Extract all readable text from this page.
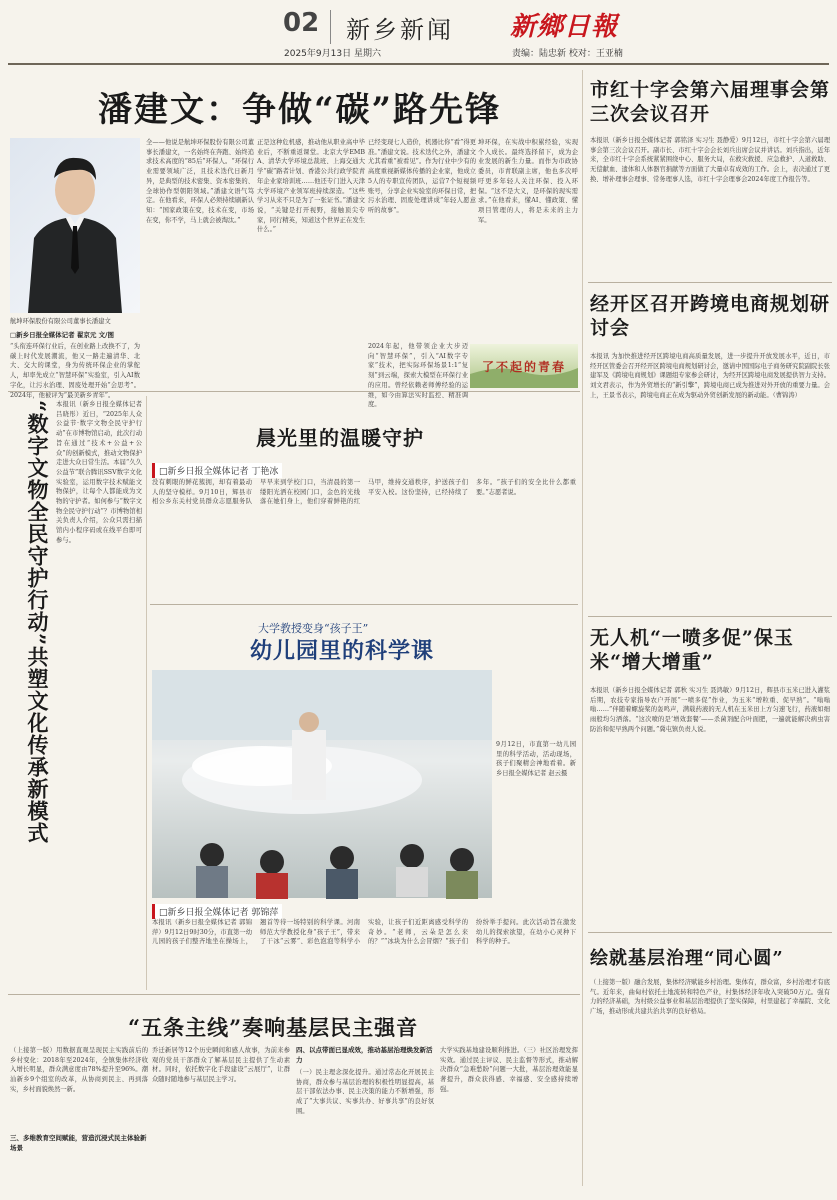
02 新乡新闻
2025年9月13日 星期六
新鄉日報
责编：陆忠新 校对：王亚楠
潘建文：争做“碳”路先锋
航坤环保股份有限公司董事长潘建文
□新乡日报全媒体记者 翟京元 文/图
“头衔连环保行业后，在创业路上改换不了，为碳上时代发展潮流，他又一路走遍清华、北大、交大的课堂，身为传统环保企业的掌舵人，却率先成立“智慧环保”实验室，引入AI数字化，让污水治理、固废处理开始“会思考”。2024年，他被评为“最美新乡青年”。
全——他说是航坤环保股份有限公司董事长潘建文，一名始终在奔跑、始终追求技术高度的“85后”环保人。“环保行业需要领域广泛，且技术迭代日新月异，是典型的技术密集、资本密集的、全球协作型朝阳领域。”潘建文语气笃定。在他看来，环保人必须持续刷新认知：“国家政策在变，技术在变，市场在变，你不学，马上就会被淘汰。”
正是这种危机感，推动他从职业高中毕业后，不断重返课堂。北京大学EMBA、清华大学环境总裁班、上海交通大学“碳”路者计划、香港公共行政学院青年企业家培训班……他还专门进入天津大学环境产业领军班持续深造。“这些学习从来不只是为了一张证书。”潘建文说，“关键是打开视野，接触顶尖专家，同行精英，知道这个世界正在发生什么。”
已经变现七人造价，机器比你“看”得更准。”潘建文说。技术迭代之外，潘建文尤其看重“被看见”。作为行业中少有的高度重视新媒体传播的企业家，他成立5人的专职宣传团队，运营7个短视频账号，分享企业实验室的环保日常，把污水治理、固废处理讲成“年轻人愿意听的故事”。
坤环保，在实战中积累经验，实现个人成长。最终选择留下，成为企业发展的新生力量。而作为市政协委员，市青联副主席，他也多次呼吁更多年轻人关注环保、投入环保。“这不是大义，是环保的现实需求。”在他看来，懂AI、懂政策、懂项目管理的人，将是未来的主力军。
2024年起，他带领企业大步迈向“智慧环保”，引入“AI数字专家”技术，把实际环保场景1:1“复刻”到云端，探索大模型在环保行业的应用。曾经依赖老师傅经验的运维，如今由算法实时监控、精准调度。
了不起的青春
市红十字会第六届理事会第三次会议召开
本报讯（新乡日报全媒体记者 郭铭泽 实习生 聂静爱）9月12日，市红十字会第六届理事会第三次会议召开。副市长、市红十字会会长刘兵出席会议并讲话。刘兵指出，近年来，全市红十字会系统紧紧围绕中心、服务大局，在救灾救援、应急救护、人道救助、无偿献血、遗体和人体器官捐献等方面做了大量卓有成效的工作。会上，表决通过了更换、增补理事会理事、常务理事人选，市红十字会理事会2024年度工作报告等。
经开区召开跨境电商规划研讨会
本报讯 为加快推进经开区跨境电商高质量发展，进一步提升开放发展水平，近日，市经开区管委会召开经开区跨境电商规划研讨会，邀请中国国际电子商务研究院副院长张建军及《跨境电商规划》课题组专家参会研讨，为经开区跨境电商发展提供智力支持。刘文君表示，作为外贸增长的“新引擎”，跨境电商已成为推进对外开放的重要力量。会上，王景书表示，跨境电商正在成为驱动外贸创新发展的新动能。（曹锦涛）
无人机“一喷多促”保玉米“增大增重”
本报讯（新乡日报全媒体记者 郭秋 实习生 聂鸿敏）9月12日，辉县市玉米已进入灌浆后期，农技专家指导农户开展“一喷多促”作业，为玉米“增粒重、促早熟”。“嗡嗡嗡……”伴随着螺旋桨的轰鸣声，满载药液的无人机在玉米田上方匀速飞行，药液如细雨般均匀洒落。“这次喷的是‘增效套餐’——杀菌剂配合叶面肥，一遍就能解决病虫害防治和促早熟两个问题。”冀屯镇负责人说。
绘就基层治理“同心圆”
（上接第一版）融合发展，集体经济赋能乡村治理。集体有，群众富，乡村治理才有底气。近年来，曲甸村依托土地流转和特色产业，村集体经济年收入突破50万元。强有力的经济基础，为村级公益事业和基层治理提供了坚实保障，村里建起了幸福院、文化广场，推动形成共建共治共享的良好格局。
“数字文物全民守护行动”共塑文化传承新模式 本报讯（新乡日报全媒体记者 吕晓彤）近日，“2025年人众公益节·数字文物全民守护行动”在市博物馆启动，此次行动旨在通过“技术+公益+公众”的创新模式，推动文物保护走进大众日常生活。本届“久久公益节”联合腾讯SSV数字文化实验室，运用数字技术赋能文物保护，让每个人都能成为文物的守护者。如何参与“数字文物全民守护行动”？市博物馆相关负责人介绍，公众只需扫描馆内小程序码或在线平台即可参与。
晨光里的温暖守护
□新乡日报全媒体记者 丁艳冰
没有刺眼的鲜花簇拥，却有着最动人的坚守模样。9月10日，辉县市相公乡东关村党员群众志愿服务队早早来到学校门口，当清晨的第一缕阳光洒在校园门口，金色的光线落在她们身上，他们穿着鲜艳的红马甲，维持交通秩序，护送孩子们平安入校。这份坚持，已经持续了多年。“孩子们的安全比什么都重要。”志愿者说。
大学教授变身“孩子王”
幼儿园里的科学课
9月12日，市直第一幼儿园里的科学活动，活动现场，孩子们聚精会神地看着。新乡日报全媒体记者 赵云摄
□新乡日报全媒体记者 郭锦萍
本报讯（新乡日报全媒体记者 郭锦萍）9月12日9时30分，市直第一幼儿园的孩子们整齐地坐在操场上，翘首等待一场特别的科学课。河南师范大学教授化身“孩子王”，带来了干冰“云雾”、彩色泡泡等科学小实验，让孩子们近距离感受科学的奇妙。“老师，云朵是怎么来的？”“冰块为什么会冒烟？”孩子们纷纷举手提问。此次活动旨在激发幼儿的探索欲望，在幼小心灵种下科学的种子。
“五条主线”奏响基层民主强音
（上接第一版）用数据直观呈现民主实践前后的乡村变化：2018年至2024年，全镇集体经济收入增长明显，群众满意度由78%提升至96%。潮汕新乡9个组室的改革，从协商到民主、再到落实，乡村面貌焕然一新。
三、多维教育空间赋能，营造沉浸式民主体验新场景
乔迁新居等12个历史瞬间和感人故事，为前来参观的党员干部群众了解基层民主提供了生动素材。同时，依托数字化手段建设“云展厅”，让群众随时随地参与基层民主学习。
四、以点带面已显成效，推动基层治理焕发新活力
（一）民主理念深化提升。通过常态化开展民主协商，群众参与基层治理的积极性明显提高，基层干部依法办事、民主决策的能力不断增强，形成了“大事共议、实事共办、好事共享”的良好氛围。
大学实践基地建设顺利推进。（三）社区治理发挥实效。通过民主评议、民主监督等形式，推动解决群众“急难愁盼”问题一大批，基层治理效能显著提升，群众获得感、幸福感、安全感持续增强。
